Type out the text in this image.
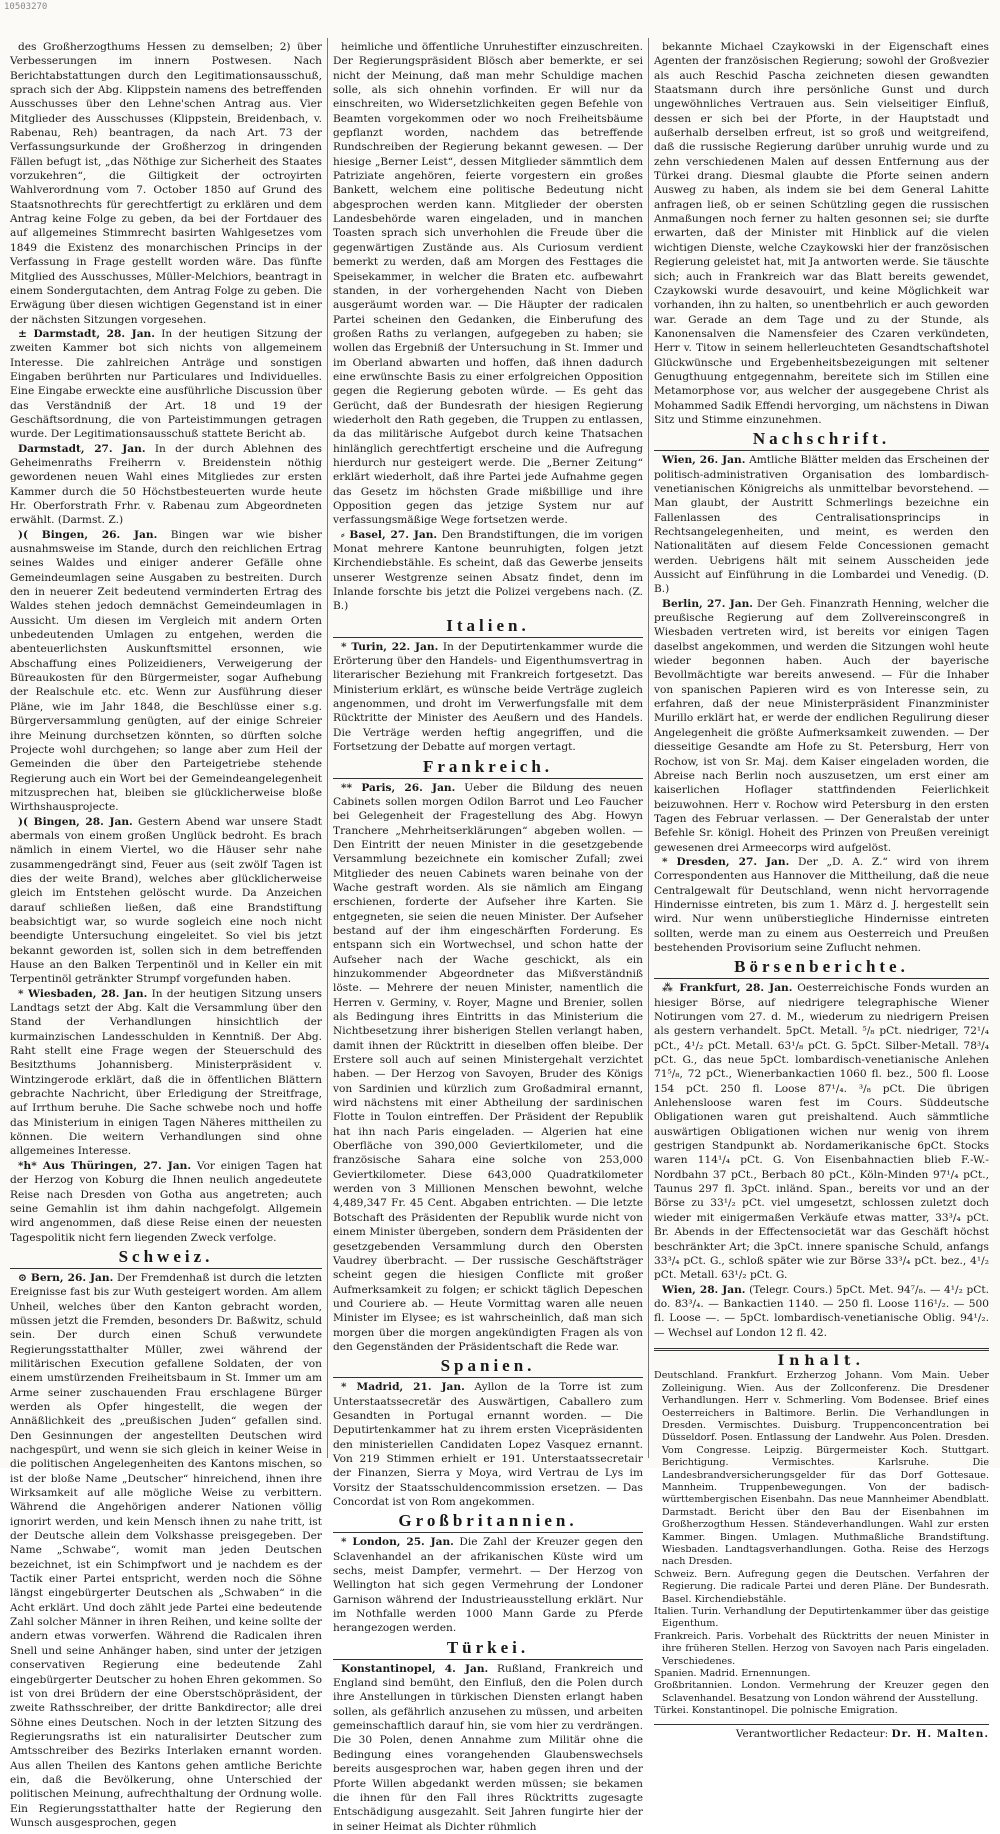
10503270

des Großherzogthums Hessen zu demselben; 2) über Verbesserungen im innern Postwesen. Nach Berichtabstattungen durch den Legitimationsausschuß, sprach sich der Abg. Klippstein namens des betreffenden Ausschusses über den Lehne'schen Antrag aus. Vier Mitglieder des Ausschusses (Klippstein, Breidenbach, v. Rabenau, Reh) beantragen, da nach Art. 73 der Verfassungsurkunde der Großherzog in dringenden Fällen befugt ist, „das Nöthige zur Sicherheit des Staates vorzukehren“, die Giltigkeit der octroyirten Wahlverordnung vom 7. October 1850 auf Grund des Staatsnothrechts für gerechtfertigt zu erklären und dem Antrag keine Folge zu geben, da bei der Fortdauer des auf allgemeines Stimmrecht basirten Wahlgesetzes vom 1849 die Existenz des monarchischen Princips in der Verfassung in Frage gestellt worden wäre. Das fünfte Mitglied des Ausschusses, Müller-Melchiors, beantragt in einem Sondergutachten, dem Antrag Folge zu geben. Die Erwägung über diesen wichtigen Gegenstand ist in einer der nächsten Sitzungen vorgesehen.

± Darmstadt, 28. Jan. In der heutigen Sitzung der zweiten Kammer bot sich nichts von allgemeinem Interesse. Die zahlreichen Anträge und sonstigen Eingaben berührten nur Particulares und Individuelles. Eine Eingabe erweckte eine ausführliche Discussion über das Verständniß der Art. 18 und 19 der Geschäftsordnung, die von Parteistimmungen getragen wurde. Der Legitimationsausschuß stattete Bericht ab.

Darmstadt, 27. Jan. In der durch Ablehnen des Geheimenraths Freiherrn v. Breidenstein nöthig gewordenen neuen Wahl eines Mitgliedes zur ersten Kammer durch die 50 Höchstbesteuerten wurde heute Hr. Oberforstrath Frhr. v. Rabenau zum Abgeordneten erwählt. (Darmst. Z.)

)( Bingen, 26. Jan. Bingen war wie bisher ausnahmsweise im Stande, durch den reichlichen Ertrag seines Waldes und einiger anderer Gefälle ohne Gemeindeumlagen seine Ausgaben zu bestreiten. Durch den in neuerer Zeit bedeutend verminderten Ertrag des Waldes stehen jedoch demnächst Gemeindeumlagen in Aussicht. Um diesen im Vergleich mit andern Orten unbedeutenden Umlagen zu entgehen, werden die abenteuerlichsten Auskunftsmittel ersonnen, wie Abschaffung eines Polizeidieners, Verweigerung der Büreaukosten für den Bürgermeister, sogar Aufhebung der Realschule etc. etc. Wenn zur Ausführung dieser Pläne, wie im Jahr 1848, die Beschlüsse einer s.g. Bürgerversammlung genügten, auf der einige Schreier ihre Meinung durchsetzen könnten, so dürften solche Projecte wohl durchgehen; so lange aber zum Heil der Gemeinden die über den Parteigetriebe stehende Regierung auch ein Wort bei der Gemeindeangelegenheit mitzusprechen hat, bleiben sie glücklicherweise bloße Wirthshausprojecte.

)( Bingen, 28. Jan. Gestern Abend war unsere Stadt abermals von einem großen Unglück bedroht. Es brach nämlich in einem Viertel, wo die Häuser sehr nahe zusammengedrängt sind, Feuer aus (seit zwölf Tagen ist dies der weite Brand), welches aber glücklicherweise gleich im Entstehen gelöscht wurde. Da Anzeichen darauf schließen ließen, daß eine Brandstiftung beabsichtigt war, so wurde sogleich eine noch nicht beendigte Untersuchung eingeleitet. So viel bis jetzt bekannt geworden ist, sollen sich in dem betreffenden Hause an den Balken Terpentinöl und in Keller ein mit Terpentinöl getränkter Strumpf vorgefunden haben.

* Wiesbaden, 28. Jan. In der heutigen Sitzung unsers Landtags setzt der Abg. Kalt die Versammlung über den Stand der Verhandlungen hinsichtlich der kurmainzischen Landesschulden in Kenntniß. Der Abg. Raht stellt eine Frage wegen der Steuerschuld des Besitzthums Johannisberg. Ministerpräsident v. Wintzingerode erklärt, daß die in öffentlichen Blättern gebrachte Nachricht, über Erledigung der Streitfrage, auf Irrthum beruhe. Die Sache schwebe noch und hoffe das Ministerium in einigen Tagen Näheres mittheilen zu können. Die weitern Verhandlungen sind ohne allgemeines Interesse.

*h* Aus Thüringen, 27. Jan. Vor einigen Tagen hat der Herzog von Koburg die Ihnen neulich angedeutete Reise nach Dresden von Gotha aus angetreten; auch seine Gemahlin ist ihm dahin nachgefolgt. Allgemein wird angenommen, daß diese Reise einen der neuesten Tagespolitik nicht fern liegenden Zweck verfolge.

Schweiz.

⊙ Bern, 26. Jan. Der Fremdenhaß ist durch die letzten Ereignisse fast bis zur Wuth gesteigert worden. Am allem Unheil, welches über den Kanton gebracht worden, müssen jetzt die Fremden, besonders Dr. Baßwitz, schuld sein. Der durch einen Schuß verwundete Regierungsstatthalter Müller, zwei während der militärischen Execution gefallene Soldaten, der von einem umstürzenden Freiheitsbaum in St. Immer um am Arme seiner zuschauenden Frau erschlagene Bürger werden als Opfer hingestellt, die wegen der Annäßlichkeit des „preußischen Juden“ gefallen sind. Den Gesinnungen der angestellten Deutschen wird nachgespürt, und wenn sie sich gleich in keiner Weise in die politischen Angelegenheiten des Kantons mischen, so ist der bloße Name „Deutscher“ hinreichend, ihnen ihre Wirksamkeit auf alle mögliche Weise zu verbittern. Während die Angehörigen anderer Nationen völlig ignorirt werden, und kein Mensch ihnen zu nahe tritt, ist der Deutsche allein dem Volkshasse preisgegeben. Der Name „Schwabe“, womit man jeden Deutschen bezeichnet, ist ein Schimpfwort und je nachdem es der Tactik einer Partei entspricht, werden noch die Söhne längst eingebürgerter Deutschen als „Schwaben“ in die Acht erklärt. Und doch zählt jede Partei eine bedeutende Zahl solcher Männer in ihren Reihen, und keine sollte der andern etwas vorwerfen. Während die Radicalen ihren Snell und seine Anhänger haben, sind unter der jetzigen conservativen Regierung eine bedeutende Zahl eingebürgerter Deutscher zu hohen Ehren gekommen. So ist von drei Brüdern der eine Oberstschöpräsident, der zweite Rathsschreiber, der dritte Bankdirector; alle drei Söhne eines Deutschen. Noch in der letzten Sitzung des Regierungsraths ist ein naturalisirter Deutscher zum Amtsschreiber des Bezirks Interlaken ernannt worden. Aus allen Theilen des Kantons gehen amtliche Berichte ein, daß die Bevölkerung, ohne Unterschied der politischen Meinung, aufrechthaltung der Ordnung wolle. Ein Regierungsstatthalter hatte der Regierung den Wunsch ausgesprochen, gegen

heimliche und öffentliche Unruhestifter einzuschreiten. Der Regierungspräsident Blösch aber bemerkte, er sei nicht der Meinung, daß man mehr Schuldige machen solle, als sich ohnehin vorfinden. Er will nur da einschreiten, wo Widersetzlichkeiten gegen Befehle von Beamten vorgekommen oder wo noch Freiheitsbäume gepflanzt worden, nachdem das betreffende Rundschreiben der Regierung bekannt gewesen. — Der hiesige „Berner Leist“, dessen Mitglieder sämmtlich dem Patriziate angehören, feierte vorgestern ein großes Bankett, welchem eine politische Bedeutung nicht abgesprochen werden kann. Mitglieder der obersten Landesbehörde waren eingeladen, und in manchen Toasten sprach sich unverhohlen die Freude über die gegenwärtigen Zustände aus. Als Curiosum verdient bemerkt zu werden, daß am Morgen des Festtages die Speisekammer, in welcher die Braten etc. aufbewahrt standen, in der vorhergehenden Nacht von Dieben ausgeräumt worden war. — Die Häupter der radicalen Partei scheinen den Gedanken, die Einberufung des großen Raths zu verlangen, aufgegeben zu haben; sie wollen das Ergebniß der Untersuchung in St. Immer und im Oberland abwarten und hoffen, daß ihnen dadurch eine erwünschte Basis zu einer erfolgreichen Opposition gegen die Regierung geboten würde. — Es geht das Gerücht, daß der Bundesrath der hiesigen Regierung wiederholt den Rath gegeben, die Truppen zu entlassen, da das militärische Aufgebot durch keine Thatsachen hinlänglich gerechtfertigt erscheine und die Aufregung hierdurch nur gesteigert werde. Die „Berner Zeitung“ erklärt wiederholt, daß ihre Partei jede Aufnahme gegen das Gesetz im höchsten Grade mißbillige und ihre Opposition gegen das jetzige System nur auf verfassungsmäßige Wege fortsetzen werde.

⸗ Basel, 27. Jan. Den Brandstiftungen, die im vorigen Monat mehrere Kantone beunruhigten, folgen jetzt Kirchendiebstähle. Es scheint, daß das Gewerbe jenseits unserer Westgrenze seinen Absatz findet, denn im Inlande forschte bis jetzt die Polizei vergebens nach. (Z. B.)

Italien.

* Turin, 22. Jan. In der Deputirtenkammer wurde die Erörterung über den Handels- und Eigenthumsvertrag in literarischer Beziehung mit Frankreich fortgesetzt. Das Ministerium erklärt, es wünsche beide Verträge zugleich angenommen, und droht im Verwerfungsfalle mit dem Rücktritte der Minister des Aeußern und des Handels. Die Verträge werden heftig angegriffen, und die Fortsetzung der Debatte auf morgen vertagt.

Frankreich.

** Paris, 26. Jan. Ueber die Bildung des neuen Cabinets sollen morgen Odilon Barrot und Leo Faucher bei Gelegenheit der Fragestellung des Abg. Howyn Tranchere „Mehrheitserklärungen“ abgeben wollen. — Den Eintritt der neuen Minister in die gesetzgebende Versammlung bezeichnete ein komischer Zufall; zwei Mitglieder des neuen Cabinets waren beinahe von der Wache gestraft worden. Als sie nämlich am Eingang erschienen, forderte der Aufseher ihre Karten. Sie entgegneten, sie seien die neuen Minister. Der Aufseher bestand auf der ihm eingeschärften Forderung. Es entspann sich ein Wortwechsel, und schon hatte der Aufseher nach der Wache geschickt, als ein hinzukommender Abgeordneter das Mißverständniß löste. — Mehrere der neuen Minister, namentlich die Herren v. Germiny, v. Royer, Magne und Brenier, sollen als Bedingung ihres Eintritts in das Ministerium die Nichtbesetzung ihrer bisherigen Stellen verlangt haben, damit ihnen der Rücktritt in dieselben offen bleibe. Der Erstere soll auch auf seinen Ministergehalt verzichtet haben. — Der Herzog von Savoyen, Bruder des Königs von Sardinien und kürzlich zum Großadmiral ernannt, wird nächstens mit einer Abtheilung der sardinischen Flotte in Toulon eintreffen. Der Präsident der Republik hat ihn nach Paris eingeladen. — Algerien hat eine Oberfläche von 390,000 Geviertkilometer, und die französische Sahara eine solche von 253,000 Geviertkilometer. Diese 643,000 Quadratkilometer werden von 3 Millionen Menschen bewohnt, welche 4,489,347 Fr. 45 Cent. Abgaben entrichten. — Die letzte Botschaft des Präsidenten der Republik wurde nicht von einem Minister übergeben, sondern dem Präsidenten der gesetzgebenden Versammlung durch den Obersten Vaudrey überbracht. — Der russische Geschäftsträger scheint gegen die hiesigen Conflicte mit großer Aufmerksamkeit zu folgen; er schickt täglich Depeschen und Couriere ab. — Heute Vormittag waren alle neuen Minister im Elysee; es ist wahrscheinlich, daß man sich morgen über die morgen angekündigten Fragen als von den Gegenständen der Präsidentschaft die Rede war.

Spanien.

* Madrid, 21. Jan. Ayllon de la Torre ist zum Unterstaatssecretär des Auswärtigen, Caballero zum Gesandten in Portugal ernannt worden. — Die Deputirtenkammer hat zu ihrem ersten Vicepräsidenten den ministeriellen Candidaten Lopez Vasquez ernannt. Von 219 Stimmen erhielt er 191. Unterstaatssecretair der Finanzen, Sierra y Moya, wird Vertrau de Lys im Vorsitz der Staatsschuldencommission ersetzen. — Das Concordat ist von Rom angekommen.

Großbritannien.

* London, 25. Jan. Die Zahl der Kreuzer gegen den Sclavenhandel an der afrikanischen Küste wird um sechs, meist Dampfer, vermehrt. — Der Herzog von Wellington hat sich gegen Vermehrung der Londoner Garnison während der Industrieausstellung erklärt. Nur im Nothfalle werden 1000 Mann Garde zu Pferde herangezogen werden.

Türkei.

Konstantinopel, 4. Jan. Rußland, Frankreich und England sind bemüht, den Einfluß, den die Polen durch ihre Anstellungen in türkischen Diensten erlangt haben sollen, als gefährlich anzusehen zu müssen, und arbeiten gemeinschaftlich darauf hin, sie vom hier zu verdrängen. Die 30 Polen, denen Annahme zum Militär ohne die Bedingung eines vorangehenden Glaubenswechsels bereits ausgesprochen war, haben gegen ihren und der Pforte Willen abgedankt werden müssen; sie bekamen die ihnen für den Fall ihres Rücktritts zugesagte Entschädigung ausgezahlt. Seit Jahren fungirte hier der in seiner Heimat als Dichter rühmlich

bekannte Michael Czaykowski in der Eigenschaft eines Agenten der französischen Regierung; sowohl der Großvezier als auch Reschid Pascha zeichneten diesen gewandten Staatsmann durch ihre persönliche Gunst und durch ungewöhnliches Vertrauen aus. Sein vielseitiger Einfluß, dessen er sich bei der Pforte, in der Hauptstadt und außerhalb derselben erfreut, ist so groß und weitgreifend, daß die russische Regierung darüber unruhig wurde und zu zehn verschiedenen Malen auf dessen Entfernung aus der Türkei drang. Diesmal glaubte die Pforte seinen andern Ausweg zu haben, als indem sie bei dem General Lahitte anfragen ließ, ob er seinen Schützling gegen die russischen Anmaßungen noch ferner zu halten gesonnen sei; sie durfte erwarten, daß der Minister mit Hinblick auf die vielen wichtigen Dienste, welche Czaykowski hier der französischen Regierung geleistet hat, mit Ja antworten werde. Sie täuschte sich; auch in Frankreich war das Blatt bereits gewendet, Czaykowski wurde desavouirt, und keine Möglichkeit war vorhanden, ihn zu halten, so unentbehrlich er auch geworden war. Gerade an dem Tage und zu der Stunde, als Kanonensalven die Namensfeier des Czaren verkündeten, Herr v. Titow in seinem hellerleuchteten Gesandtschaftshotel Glückwünsche und Ergebenheitsbezeigungen mit seltener Genugthuung entgegennahm, bereitete sich im Stillen eine Metamorphose vor, aus welcher der ausgegebene Christ als Mohammed Sadik Effendi hervorging, um nächstens in Diwan Sitz und Stimme einzunehmen.

Nachschrift.

Wien, 26. Jan. Amtliche Blätter melden das Erscheinen der politisch-administrativen Organisation des lombardisch-venetianischen Königreichs als unmittelbar bevorstehend. — Man glaubt, der Austritt Schmerlings bezeichne ein Fallenlassen des Centralisationsprincips in Rechtsangelegenheiten, und meint, es werden den Nationalitäten auf diesem Felde Concessionen gemacht werden. Uebrigens hält mit seinem Ausscheiden jede Aussicht auf Einführung in die Lombardei und Venedig. (D. B.)

Berlin, 27. Jan. Der Geh. Finanzrath Henning, welcher die preußische Regierung auf dem Zollvereinscongreß in Wiesbaden vertreten wird, ist bereits vor einigen Tagen daselbst angekommen, und werden die Sitzungen wohl heute wieder begonnen haben. Auch der bayerische Bevollmächtigte war bereits anwesend. — Für die Inhaber von spanischen Papieren wird es von Interesse sein, zu erfahren, daß der neue Ministerpräsident Finanzminister Murillo erklärt hat, er werde der endlichen Regulirung dieser Angelegenheit die größte Aufmerksamkeit zuwenden. — Der diesseitige Gesandte am Hofe zu St. Petersburg, Herr von Rochow, ist von Sr. Maj. dem Kaiser eingeladen worden, die Abreise nach Berlin noch auszusetzen, um erst einer am kaiserlichen Hoflager stattfindenden Feierlichkeit beizuwohnen. Herr v. Rochow wird Petersburg in den ersten Tagen des Februar verlassen. — Der Generalstab der unter Befehle Sr. königl. Hoheit des Prinzen von Preußen vereinigt gewesenen drei Armeecorps wird aufgelöst.

* Dresden, 27. Jan. Der „D. A. Z.“ wird von ihrem Correspondenten aus Hannover die Mittheilung, daß die neue Centralgewalt für Deutschland, wenn nicht hervorragende Hindernisse eintreten, bis zum 1. März d. J. hergestellt sein wird. Nur wenn unüberstiegliche Hindernisse eintreten sollten, werde man zu einem aus Oesterreich und Preußen bestehenden Provisorium seine Zuflucht nehmen.

Börsenberichte.

⁂ Frankfurt, 28. Jan. Oesterreichische Fonds wurden an hiesiger Börse, auf niedrigere telegraphische Wiener Notirungen vom 27. d. M., wiederum zu niedrigern Preisen als gestern verhandelt. 5pCt. Metall. ⁵/₈ pCt. niedriger, 72¹/₄ pCt., 4¹/₂ pCt. Metall. 63¹/₈ pCt. G. 5pCt. Silber-Metall. 78³/₄ pCt. G., das neue 5pCt. lombardisch-venetianische Anlehen 71⁵/₈, 72 pCt., Wienerbankactien 1060 fl. bez., 500 fl. Loose 154 pCt. 250 fl. Loose 87¹/₄. ³/₈ pCt. Die übrigen Anlehensloose waren fest im Cours. Süddeutsche Obligationen waren gut preishaltend. Auch sämmtliche auswärtigen Obligationen wichen nur wenig von ihrem gestrigen Standpunkt ab. Nordamerikanische 6pCt. Stocks waren 114¹/₄ pCt. G. Von Eisenbahnactien blieb F.-W.-Nordbahn 37 pCt., Berbach 80 pCt., Köln-Minden 97¹/₄ pCt., Taunus 297 fl. 3pCt. inländ. Span., bereits vor und an der Börse zu 33¹/₂ pCt. viel umgesetzt, schlossen zuletzt doch wieder mit einigermaßen Verkäufe etwas matter, 33³/₄ pCt. Br. Abends in der Effectensocietät war das Geschäft höchst beschränkter Art; die 3pCt. innere spanische Schuld, anfangs 33³/₄ pCt. G., schloß später wie zur Börse 33³/₄ pCt. bez., 4¹/₂ pCt. Metall. 63¹/₂ pCt. G.

Wien, 28. Jan. (Telegr. Cours.) 5pCt. Met. 94⁷/₈. — 4¹/₂ pCt. do. 83³/₄. — Bankactien 1140. — 250 fl. Loose 116¹/₂. — 500 fl. Loose —. — 5pCt. lombardisch-venetianische Oblig. 94¹/₂. — Wechsel auf London 12 fl. 42.

Inhalt.

Deutschland. Frankfurt. Erzherzog Johann. Vom Main. Ueber Zolleinigung. Wien. Aus der Zollconferenz. Die Dresdener Verhandlungen. Herr v. Schmerling. Vom Bodensee. Brief eines Oesterreichers in Baltimore. Berlin. Die Verhandlungen in Dresden. Vermischtes. Duisburg. Truppenconcentration bei Düsseldorf. Posen. Entlassung der Landwehr. Aus Polen. Dresden. Vom Congresse. Leipzig. Bürgermeister Koch. Stuttgart. Berichtigung. Vermischtes. Karlsruhe. Die Landesbrandversicherungsgelder für das Dorf Gottesaue. Mannheim. Truppenbewegungen. Von der badisch-württembergischen Eisenbahn. Das neue Mannheimer Abendblatt. Darmstadt. Bericht über den Bau der Eisenbahnen im Großherzogthum Hessen. Ständeverhandlungen. Wahl zur ersten Kammer. Bingen. Umlagen. Muthmaßliche Brandstiftung. Wiesbaden. Landtagsverhandlungen. Gotha. Reise des Herzogs nach Dresden.

Schweiz. Bern. Aufregung gegen die Deutschen. Verfahren der Regierung. Die radicale Partei und deren Pläne. Der Bundesrath. Basel. Kirchendiebstähle.

Italien. Turin. Verhandlung der Deputirtenkammer über das geistige Eigenthum.

Frankreich. Paris. Vorbehalt des Rücktritts der neuen Minister in ihre früheren Stellen. Herzog von Savoyen nach Paris eingeladen. Verschiedenes.

Spanien. Madrid. Ernennungen.

Großbritannien. London. Vermehrung der Kreuzer gegen den Sclavenhandel. Besatzung von London während der Ausstellung.

Türkei. Konstantinopel. Die polnische Emigration.

Verantwortlicher Redacteur: Dr. H. Malten.
